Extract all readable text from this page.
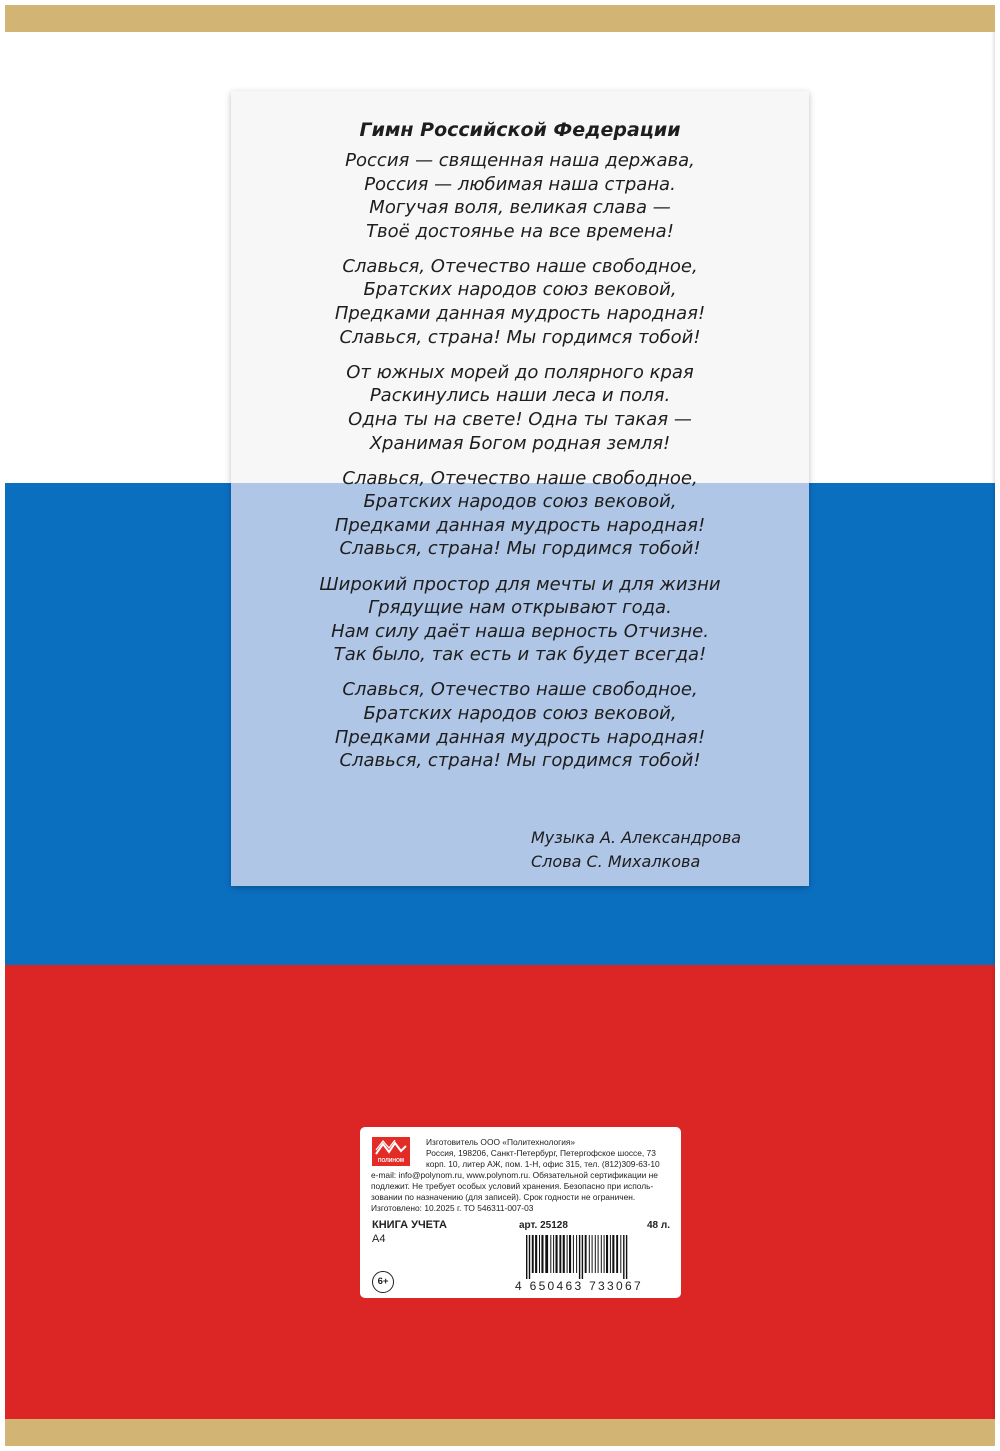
Гимн Российской Федерации
Россия — священная наша держава,
Россия — любимая наша страна.
Могучая воля, великая слава —
Твоё достоянье на все времена!
Славься, Отечество наше свободное,
Братских народов союз вековой,
Предками данная мудрость народная!
Славься, страна! Мы гордимся тобой!
От южных морей до полярного края
Раскинулись наши леса и поля.
Одна ты на свете! Одна ты такая —
Хранимая Богом родная земля!
Славься, Отечество наше свободное,
Братских народов союз вековой,
Предками данная мудрость народная!
Славься, страна! Мы гордимся тобой!
Широкий простор для мечты и для жизни
Грядущие нам открывают года.
Нам силу даёт наша верность Отчизне.
Так было, так есть и так будет всегда!
Славься, Отечество наше свободное,
Братских народов союз вековой,
Предками данная мудрость народная!
Славься, страна! Мы гордимся тобой!
Музыка А. Александрова
Слова С. Михалкова
ПОЛИНОМ
Изготовитель ООО «Политехнология»
Россия, 198206, Санкт-Петербург, Петергофское шоссе, 73
корп. 10, литер АЖ, пом. 1-Н, офис 315, тел. (812)309-63-10
e-mail: info@polynom.ru, www.polynom.ru. Обязательной сертификации не
подлежит. Не требует особых условий хранения. Безопасно при исполь-
зовании по назначению (для записей). Срок годности не ограничен.
Изготовлено: 10.2025 г. ТО 546311-007-03
КНИГА УЧЕТА
А4
арт. 25128	48 л.
4 650463 733067
6+
